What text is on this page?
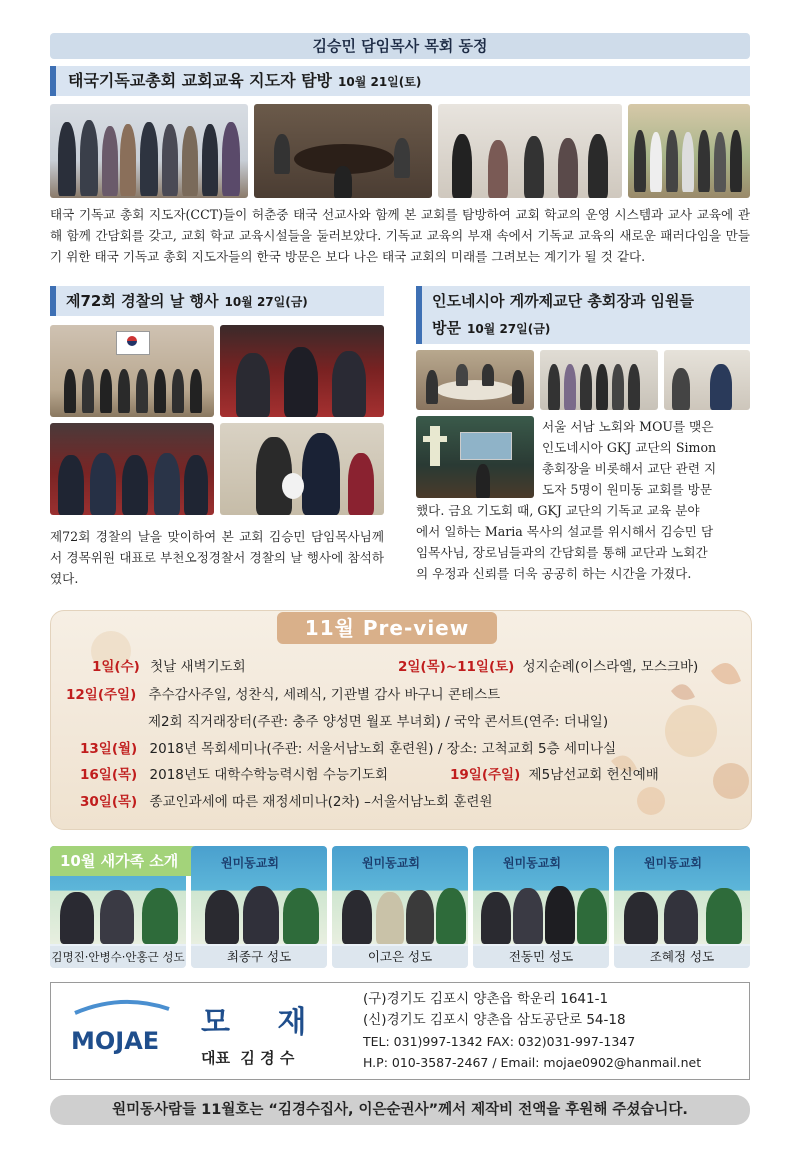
김승민 담임목사 목회 동정
태국기독교총회 교회교육 지도자 탐방 10월 21일(토)
태국 기독교 총회 지도자(CCT)들이 허춘중 태국 선교사와 함께 본 교회를 탐방하여 교회 학교의 운영 시스템과 교사 교육에 관해 함께 간담회를 갖고, 교회 학교 교육시설들을 둘러보았다. 기독교 교육의 부재 속에서 기독교 교육의 새로운 패러다임을 만들기 위한 태국 기독교 총회 지도자들의 한국 방문은 보다 나은 태국 교회의 미래를 그려보는 계기가 될 것 같다.
제72회 경찰의 날 행사 10월 27일(금)
제72회 경찰의 날을 맞이하여 본 교회 김승민 담임목사님께서 경목위원 대표로 부천오정경찰서 경찰의 날 행사에 참석하였다.
인도네시아 게까제교단 총회장과 임원들
방문 10월 27일(금)
서울 서남 노회와 MOU를 맺은
인도네시아 GKJ 교단의 Simon
총회장을 비롯해서 교단 관련 지
도자 5명이 원미동 교회를 방문
했다. 금요 기도회 때, GKJ 교단의 기독교 교육 분야
에서 일하는 Maria 목사의 설교를 위시해서 김승민 담
임목사님, 장로님들과의 간담회를 통해 교단과 노회간
의 우정과 신뢰를 더욱 공공히 하는 시간을 가졌다.
11월 Pre-view
1일(수) 첫날 새벽기도회	2일(목)~11일(토) 성지순례(이스라엘, 모스크바)
12일(주일) 추수감사주일, 성찬식, 세례식, 기관별 감사 바구니 콘테스트
제2회 직거래장터(주관: 충주 양성면 월포 부녀회) / 국악 콘서트(연주: 더내일)
13일(월) 2018년 목회세미나(주관: 서울서남노회 훈련원) / 장소: 고척교회 5층 세미나실
16일(목) 2018년도 대학수학능력시험 수능기도회	19일(주일) 제5남선교회 헌신예배
30일(목) 종교인과세에 따른 재정세미나(2차) –서울서남노회 훈련원
김명진·안병수·안홍근 성도
10월 새가족 소개	원미동교회
최종구 성도
원미동교회
이고은 성도
원미동교회
전동민 성도
원미동교회
조혜정 성도
MOJAE
모   재
대표  김 경 수
(구)경기도 김포시 양촌읍 학운리 1641-1
(신)경기도 김포시 양촌읍 삼도공단로 54-18
TEL: 031)997-1342 FAX: 032)031-997-1347
H.P: 010-3587-2467 / Email: mojae0902@hanmail.net
원미동사람들 11월호는 “김경수집사, 이은순권사”께서 제작비 전액을 후원해 주셨습니다.
